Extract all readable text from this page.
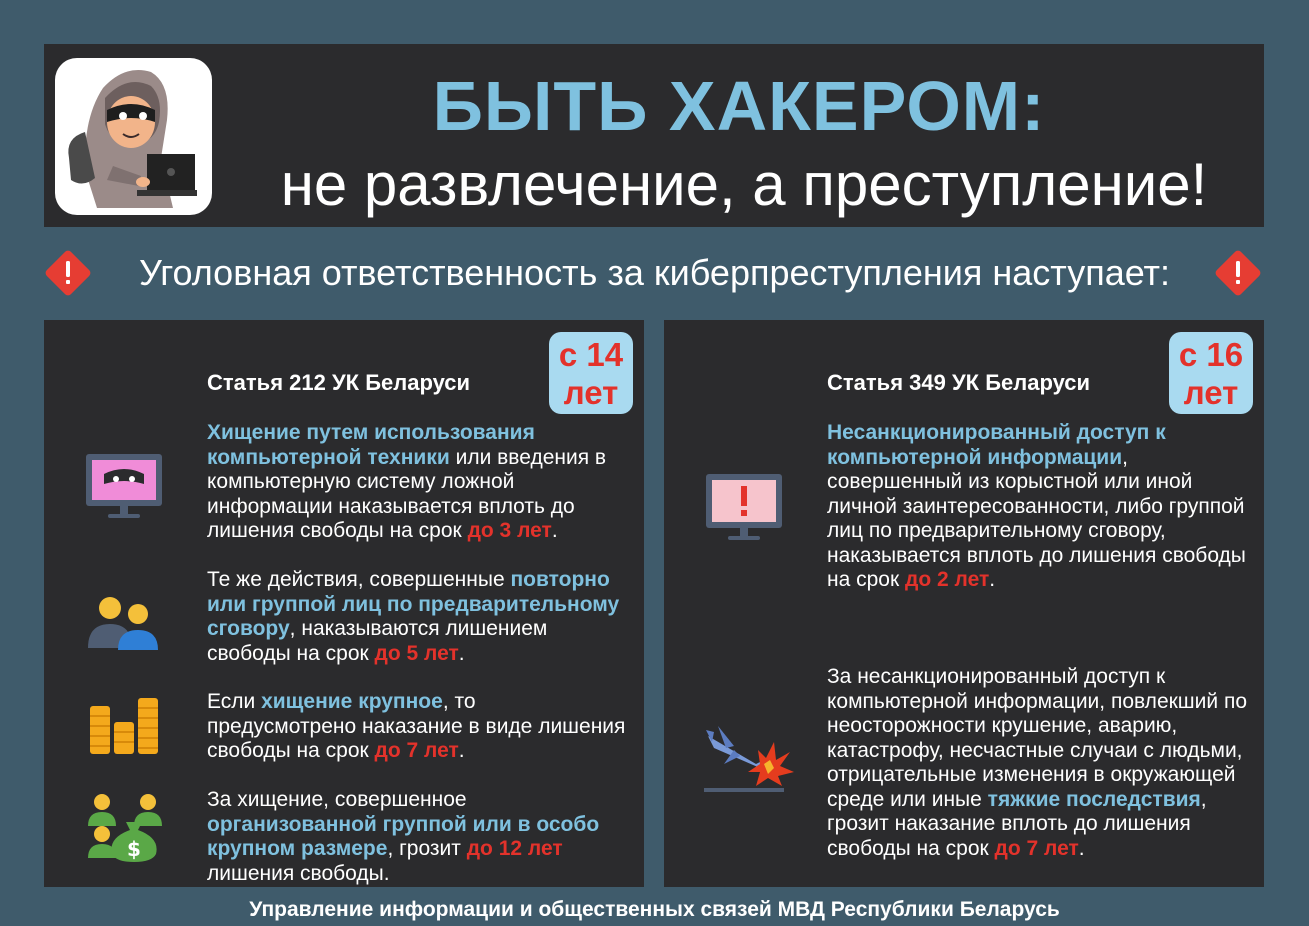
БЫТЬ ХАКЕРОМ:
не развлечение, а преступление!
Уголовная ответственность за киберпреступления наступает:
с 14
лет
Статья 212 УК Беларуси
Хищение путем использования компьютерной техники или введения в компьютерную систему ложной информации наказывается вплоть до лишения свободы на срок до 3 лет.
Те же действия, совершенные повторно или группой лиц по предварительному сговору, наказываются лишением свободы на срок до 5 лет.
Если хищение крупное, то предусмотрено наказание в виде лишения свободы на срок до 7 лет.
$
За хищение, совершенное организованной группой или в особо крупном размере, грозит до 12 лет лишения свободы.
с 16
лет
Статья 349 УК Беларуси
Несанкционированный доступ к компьютерной информации, совершенный из корыстной или иной личной заинтересованности, либо группой лиц по предварительному сговору, наказывается вплоть до лишения свободы на срок до 2 лет.
За несанкционированный доступ к компьютерной информации, повлекший по неосторожности крушение, аварию, катастрофу, несчастные случаи с людьми, отрицательные изменения в окружающей среде или иные тяжкие последствия, грозит наказание вплоть до лишения свободы на срок до 7 лет.
Управление информации и общественных связей МВД Республики Беларусь
